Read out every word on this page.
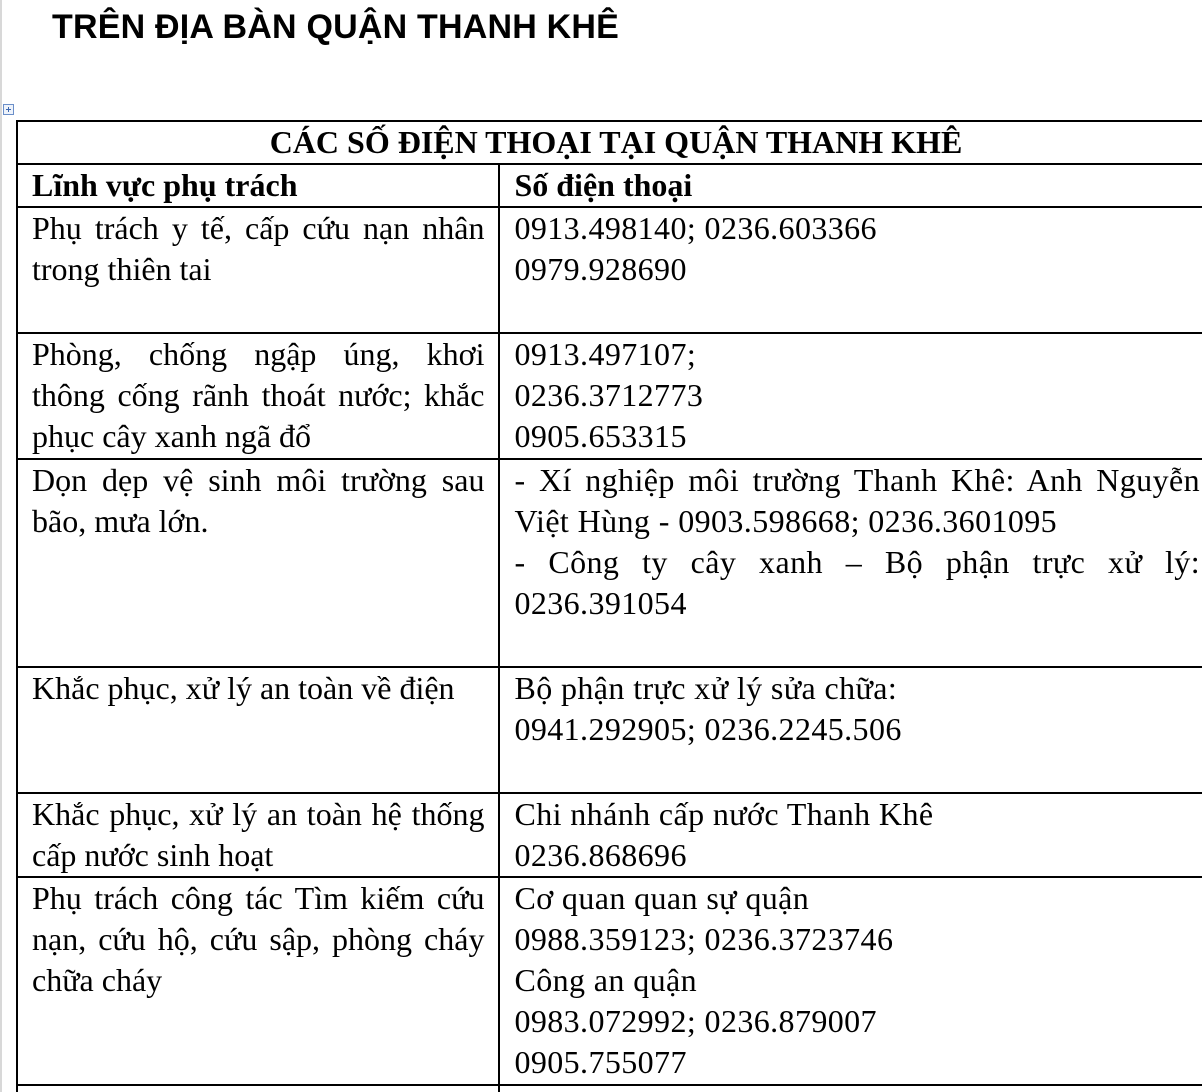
TRÊN ĐỊA BÀN QUẬN THANH KHÊ
CÁC SỐ ĐIỆN THOẠI TẠI QUẬN THANH KHÊ	
Lĩnh vực phụ trách	Số điện thoại
Phụ trách y tế, cấp cứu nạn nhân trong thiên tai	0913.498140; 0236.603366
0979.928690

Phòng, chống ngập úng, khơi thông cống rãnh thoát nước; khắc phục cây xanh ngã đổ	0913.497107;
0236.3712773
0905.653315

Dọn dẹp vệ sinh môi trường sau bão, mưa lớn.	- Xí nghiệp môi trường Thanh Khê: Anh Nguyễn Việt Hùng - 0903.598668; 0236.3601095
- Công ty cây xanh – Bộ phận trực xử lý: 0236.391054

Khắc phục, xử lý an toàn về điện	Bộ phận trực xử lý sửa chữa:
0941.292905; 0236.2245.506

Khắc phục, xử lý an toàn hệ thống cấp nước sinh hoạt	Chi nhánh cấp nước Thanh Khê
0236.868696

Phụ trách công tác Tìm kiếm cứu nạn, cứu hộ, cứu sập, phòng cháy chữa cháy	Cơ quan quan sự quận
0988.359123; 0236.3723746
Công an quận
0983.072992; 0236.879007
0905.755077
